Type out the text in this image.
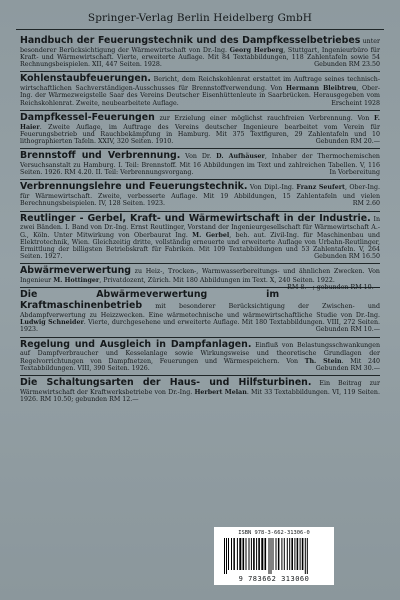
Springer-Verlag Berlin Heidelberg GmbH
Handbuch der Feuerungstechnik und des Dampfkesselbetriebes unter besonderer Berücksichtigung der Wärmewirtschaft von Dr.-Ing. Georg Herberg, Stuttgart, Ingenieurbüro für Kraft- und Wärmewirtschaft. Vierte, erweiterte Auflage. Mit 84 Textabbildungen, 118 Zahlentafeln sowie 54 Rechnungsbeispielen. XII, 447 Seiten. 1928.	Gebunden RM 23.50
Kohlenstaubfeuerungen. Bericht, dem Reichskohlenrat erstattet im Auftrage seines technisch-wirtschaftlichen Sachverständigen-Ausschusses für Brennstoffverwendung. Von Hermann Bleibtreu, Ober-Ing. der Wärmezweigstelle Saar des Vereins Deutscher Eisenhüttenleute in Saarbrücken. Herausgegeben vom Reichskohlenrat. Zweite, neubearbeitete Auflage.	Erscheint 1928
Dampfkessel-Feuerungen zur Erzielung einer möglichst rauchfreien Verbrennung. Von F. Haier. Zweite Auflage, im Auftrage des Vereins deutscher Ingenieure bearbeitet vom Verein für Feuerungsbetrieb und Rauchbekämpfung in Hamburg. Mit 375 Textfiguren, 29 Zahlentafeln und 10 lithographierten Tafeln. XXIV, 320 Seiten. 1910.	Gebunden RM 20.—
Brennstoff und Verbrennung. Von Dr. D. Aufhäuser, Inhaber der Thermochemischen Versuchsanstalt zu Hamburg. I. Teil: Brennstoff. Mit 16 Abbildungen im Text und zahlreichen Tabellen. V, 116 Seiten. 1926. RM 4.20. II. Teil: Verbrennungsvorgang.	In Vorbereitung
Verbrennungslehre und Feuerungstechnik. Von Dipl.-Ing. Franz Seufert, Ober-Ing. für Wärmewirtschaft. Zweite, verbesserte Auflage. Mit 19 Abbildungen, 15 Zahlentafeln und vielen Berechnungsbeispielen. IV, 128 Seiten. 1923.	RM 2.60
Reutlinger - Gerbel, Kraft- und Wärmewirtschaft in der Industrie. In zwei Bänden. I. Band von Dr.-Ing. Ernst Reutlinger, Vorstand der Ingenieurgesellschaft für Wärmewirtschaft A.-G., Köln. Unter Mitwirkung von Oberbaurat Ing. M. Gerbel, beh. aut. Zivil-Ing. für Maschinenbau und Elektrotechnik, Wien. Gleichzeitig dritte, vollständig erneuerte und erweiterte Auflage von Urbahn-Reutlinger, Ermittlung der billigsten Betriebskraft für Fabriken. Mit 109 Textabbildungen und 53 Zahlentafeln. V, 264 Seiten. 1927.	Gebunden RM 16.50
Abwärmeverwertung zu Heiz-, Trocken-, Warmwasserbereitungs- und ähnlichen Zwecken. Von Ingenieur M. Hottinger, Privatdozent, Zürich. Mit 180 Abbildungen im Text. X, 240 Seiten. 1922.
RM 8.—; gebunden RM 10.—
Die Abwärmeverwertung im Kraftmaschinenbetrieb mit besonderer Berücksichtigung der Zwischen- und Abdampfverwertung zu Heizzwecken. Eine wärmetechnische und wärmewirtschaftliche Studie von Dr.-Ing. Ludwig Schneider. Vierte, durchgesehene und erweiterte Auflage. Mit 180 Textabbildungen. VIII, 272 Seiten. 1923.	Gebunden RM 10.—
Regelung und Ausgleich in Dampfanlagen. Einfluß von Belastungsschwankungen auf Dampfverbraucher und Kesselanlage sowie Wirkungsweise und theoretische Grundlagen der Regelvorrichtungen von Dampfnetzen, Feuerungen und Wärmespeichern. Von Th. Stein. Mit 240 Textabbildungen. VIII, 390 Seiten. 1926.	Gebunden RM 30.—
Die Schaltungsarten der Haus- und Hilfsturbinen. Ein Beitrag zur Wärmewirtschaft der Kraftwerksbetriebe von Dr.-Ing. Herbert Melan. Mit 33 Textabbildungen. VI, 119 Seiten. 1926. RM 10.50; gebunden RM 12.—
ISBN 978-3-662-31306-0
9 783662 313060
